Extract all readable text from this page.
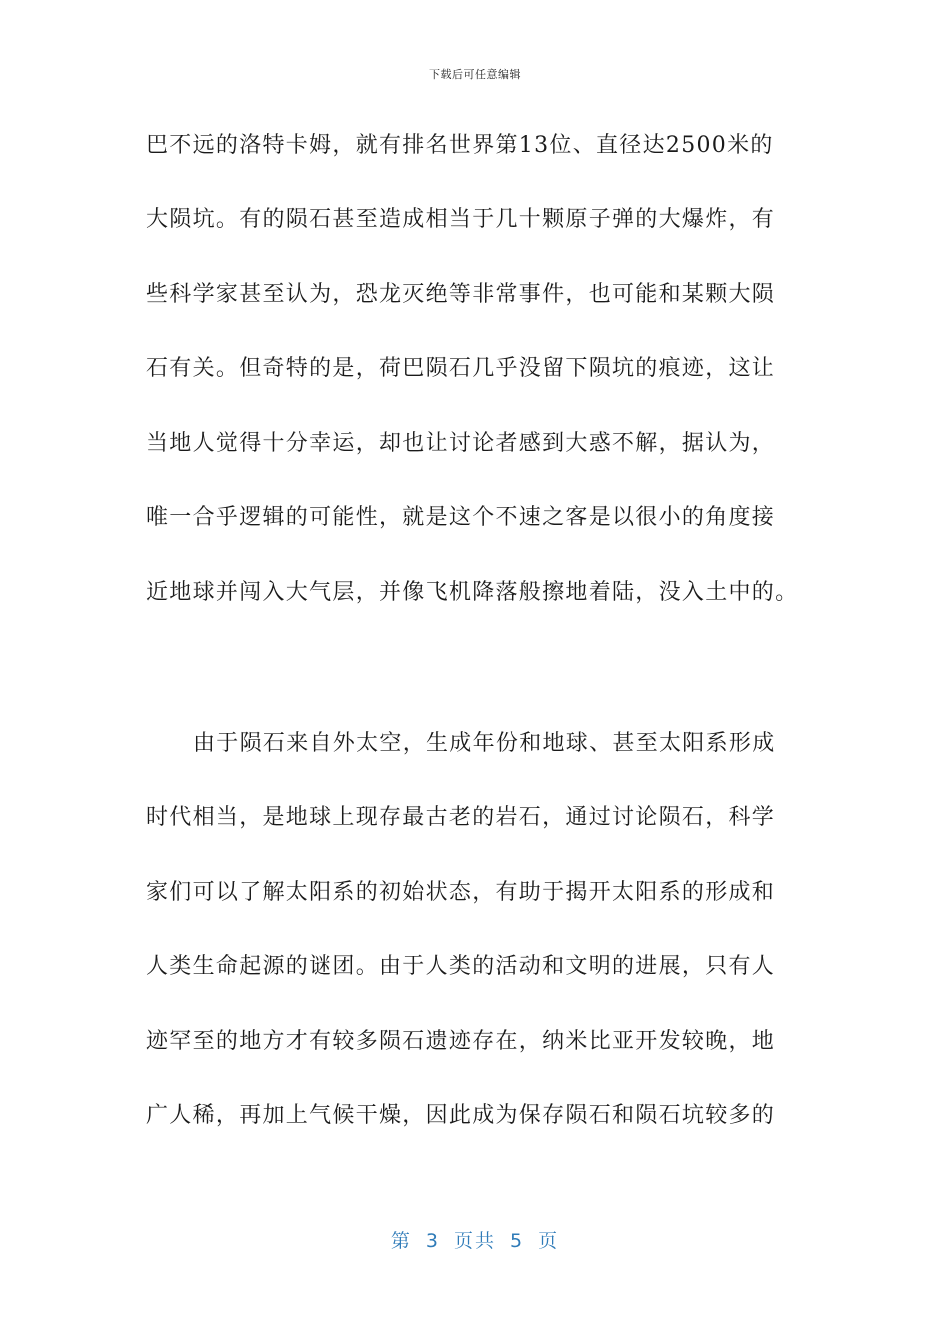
下载后可任意编辑
巴不远的洛特卡姆，就有排名世界第13位、直径达2500米的
大陨坑。有的陨石甚至造成相当于几十颗原子弹的大爆炸，有
些科学家甚至认为，恐龙灭绝等非常事件，也可能和某颗大陨
石有关。但奇特的是，荷巴陨石几乎没留下陨坑的痕迹，这让
当地人觉得十分幸运，却也让讨论者感到大惑不解，据认为，
唯一合乎逻辑的可能性，就是这个不速之客是以很小的角度接
近地球并闯入大气层，并像飞机降落般擦地着陆，没入土中的。
由于陨石来自外太空，生成年份和地球、甚至太阳系形成
时代相当，是地球上现存最古老的岩石，通过讨论陨石，科学
家们可以了解太阳系的初始状态，有助于揭开太阳系的形成和
人类生命起源的谜团。由于人类的活动和文明的进展，只有人
迹罕至的地方才有较多陨石遗迹存在，纳米比亚开发较晚，地
广人稀，再加上气候干燥，因此成为保存陨石和陨石坑较多的
第 3 页共 5 页
